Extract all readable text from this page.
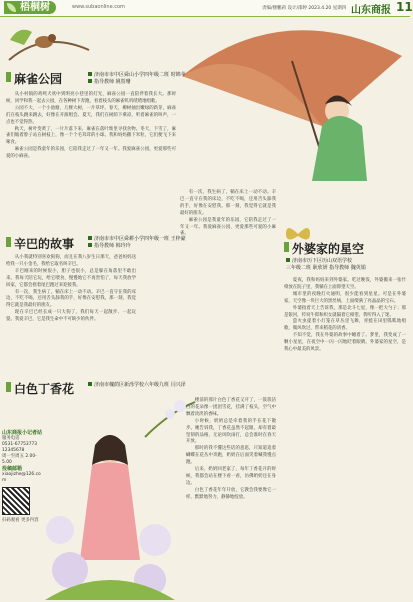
梧桐树	www.subaonline.com	责编/楼鹏莉 设计/邵婷 2023.4.20 星期四 山东商报 11
麻雀公园	济南市市中区舜山小学四年级二班 时锦苹
指导教师 姚贺珊

从小村镇的鸡鸣犬吠中到明亮小巷里的灯光，麻雀公园一直陪伴着我长大。那时候，同学和我一起去公园，在各种树下奔跑，看着枝头的麻雀叽叽喳喳地唱歌。

公园不大，一个小池塘，几棵大树，一片草坪。春天，柳树抽出嫩绿的新芽，麻雀们在枝头跳来跳去，好像在开演唱会。夏天，我们在树荫下乘凉，听着麻雀的叫声，一点也不觉得热。

秋天，树叶变黄了，一片片落下来，麻雀在落叶堆里寻找食物。冬天，下雪了，麻雀们缩着脖子站在树枝上，像一个个毛茸茸的小球。我和妈妈撒下米粒，它们便飞下来啄食。

麻雀公园是我童年的乐园，它陪我走过了一年又一年。我爱麻雀公园，更爱那些可爱的小麻雀。

辛巴的故事	济南市市中区舜耕小学四年级一班 王梓豪
指导教师 韩玲玲

从小我就特别喜欢狗狗，而且在我八岁生日那天，爸爸妈妈送给我一只小金毛，我给它取名叫辛巴。

辛巴刚来的时候很小，胆子也很小，总是躲在角落里不敢出来。我每天陪它玩，给它喂食，慢慢地它不再害怕了，每天我放学回家，它都会摇着尾巴跑过来迎接我。

有一次，我生病了，躺在床上一动不动。辛巴一直守在我的床边，不吃不喝，还用舌头舔我的手，好像在安慰我。那一刻，我觉得它就是我最好的朋友。

现在辛巴已经长成一只大狗了，我们每天一起散步、一起玩耍。我爱辛巴，它是我生命中不可缺少的伙伴。

白色丁香花	济南市槐荫区新泺学校六年级九班 闫兴泽

楼前的那片白色丁香花又开了，一簇簇洁白的花朵像一团团雪花，挂满了枝头，空气中飘着淡淡的香味。

小时候，奶奶总是牵着我的手在花下散步。她告诉我，丁香花虽然不起眼，却有着最坚韧的品格，无论风吹雨打，总会准时在春天开放。

那时的我不懂这些话的意思，只知道追着蝴蝶在花丛中奔跑，奶奶在后面笑着喊我慢点跑。

后来，奶奶回老家了，每年丁香花开的时候，我都会站在楼下看一看，仿佛奶奶还在身边。

白色丁香花年年开放，它教会我要像它一样，默默地努力，静静地绽放。

有一次，我生病了，躺在床上一动不动。辛巴一直守在我的床边，不吃不喝，还用舌头舔我的手，好像在安慰我。那一刻，我觉得它就是我最好的朋友。

麻雀公园是我童年的乐园，它陪我走过了一年又一年。我爱麻雀公园，更爱那些可爱的小麻雀。

外婆家的星空
济南市历下区历山双语学校
三年级二班 耿欣妍 指导教师 魏英娟

夏夜，我和妈妈来到外婆家。吃过晚饭，外婆搬来一张竹椅放在院子里，我躺在上面仰望天空。

城市里的夜晚灯火通明，很少能看到星星。可是在外婆家，天空像一块巨大的黑丝绒，上面缀满了亮晶晶的宝石。

外婆指着天上告诉我，那是北斗七星，像一把大勺子；那是银河，传说牛郎和织女就隔着它相望。我听得入了迷。

萤火虫提着小灯笼在草丛里飞舞，青蛙在田里呱呱地唱歌，微风吹过，带来稻花的清香。

不知不觉，我在外婆的故事中睡着了。梦里，我变成了一颗小星星，在夜空中一闪一闪地眨着眼睛。外婆家的星空，是我心中最美的风景。

山东商报小记者站
服务电话
0531-67753773
12345678
周一至周五 2.00-5.00
投稿邮箱
xiaojizhe@126.com
扫码观看 更多内容
